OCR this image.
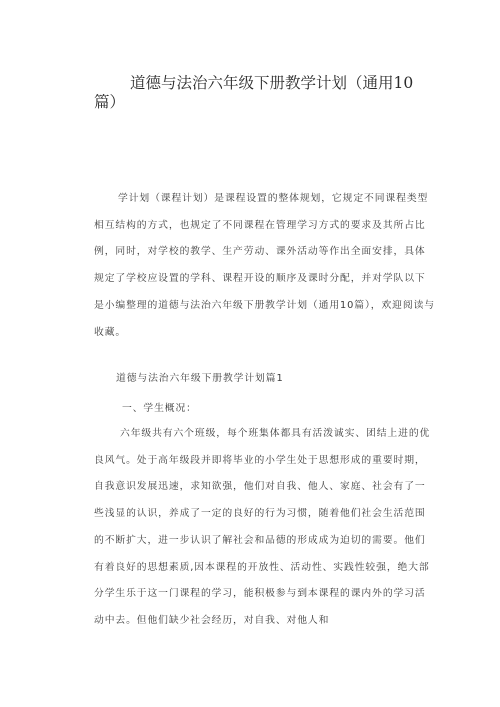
道德与法治六年级下册教学计划（通用10篇）

学计划（课程计划）是课程设置的整体规划，它规定不同课程类型相互结构的方式，也规定了不同课程在管理学习方式的要求及其所占比例，同时，对学校的教学、生产劳动、课外活动等作出全面安排，具体规定了学校应设置的学科、课程开设的顺序及课时分配，并对学队以下是小编整理的道德与法治六年级下册教学计划（通用10篇），欢迎阅读与收藏。

道德与法治六年级下册教学计划篇1
一、学生概况：

六年级共有六个班级，每个班集体都具有活泼诚实、团结上进的优良风气。处于高年级段并即将毕业的小学生处于思想形成的重要时期，自我意识发展迅速，求知欲强，他们对自我、他人、家庭、社会有了一些浅显的认识，养成了一定的良好的行为习惯，随着他们社会生活范围的不断扩大，进一步认识了解社会和品德的形成成为迫切的需要。他们有着良好的思想素质,因本课程的开放性、活动性、实践性较强，绝大部分学生乐于这一门课程的学习，能积极参与到本课程的课内外的学习活动中去。但他们缺少社会经历，对自我、对他人和
